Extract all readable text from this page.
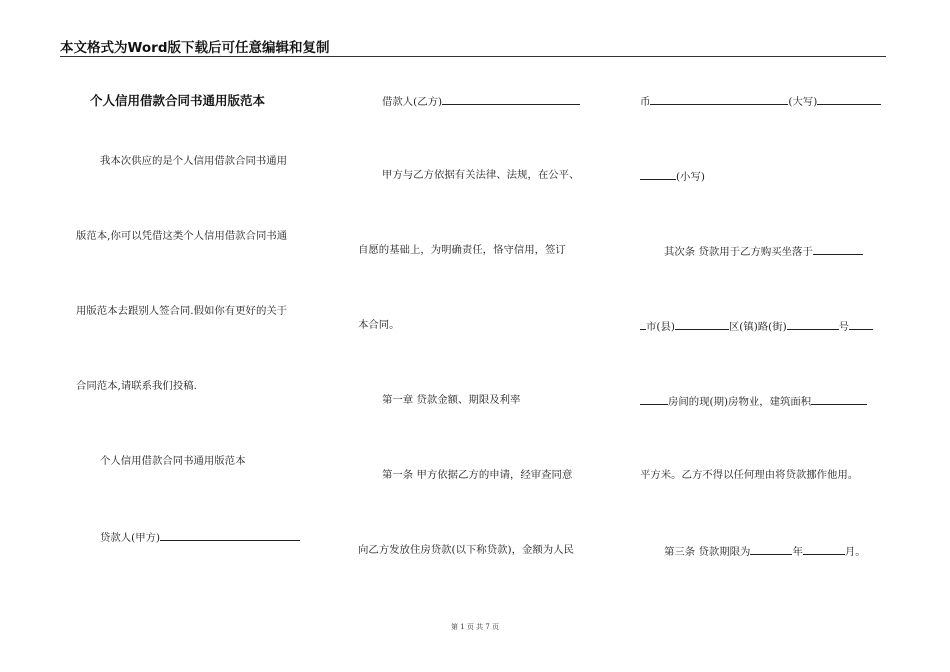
本文格式为Word版下载后可任意编辑和复制
个人信用借款合同书通用版范本
我本次供应的是个人信用借款合同书通用
版范本,你可以凭借这类个人信用借款合同书通
用版范本去跟别人签合同.假如你有更好的关于
合同范本,请联系我们投稿.
个人信用借款合同书通用版范本
贷款人(甲方)
借款人(乙方)
甲方与乙方依据有关法律、法规，在公平、
自愿的基础上，为明确责任，恪守信用，签订
本合同。
第一章 贷款金额、期限及利率
第一条 甲方依据乙方的申请，经审查同意
向乙方发放住房贷款(以下称贷款)，金额为人民
币	(大写)
(小写)
其次条 贷款用于乙方购买坐落于
市(县)	区(镇)路(街)	号
房间的现(期)房物业，建筑面积
平方米。乙方不得以任何理由将贷款挪作他用。
第三条 贷款期限为	年	月。
第 1 页 共 7 页
